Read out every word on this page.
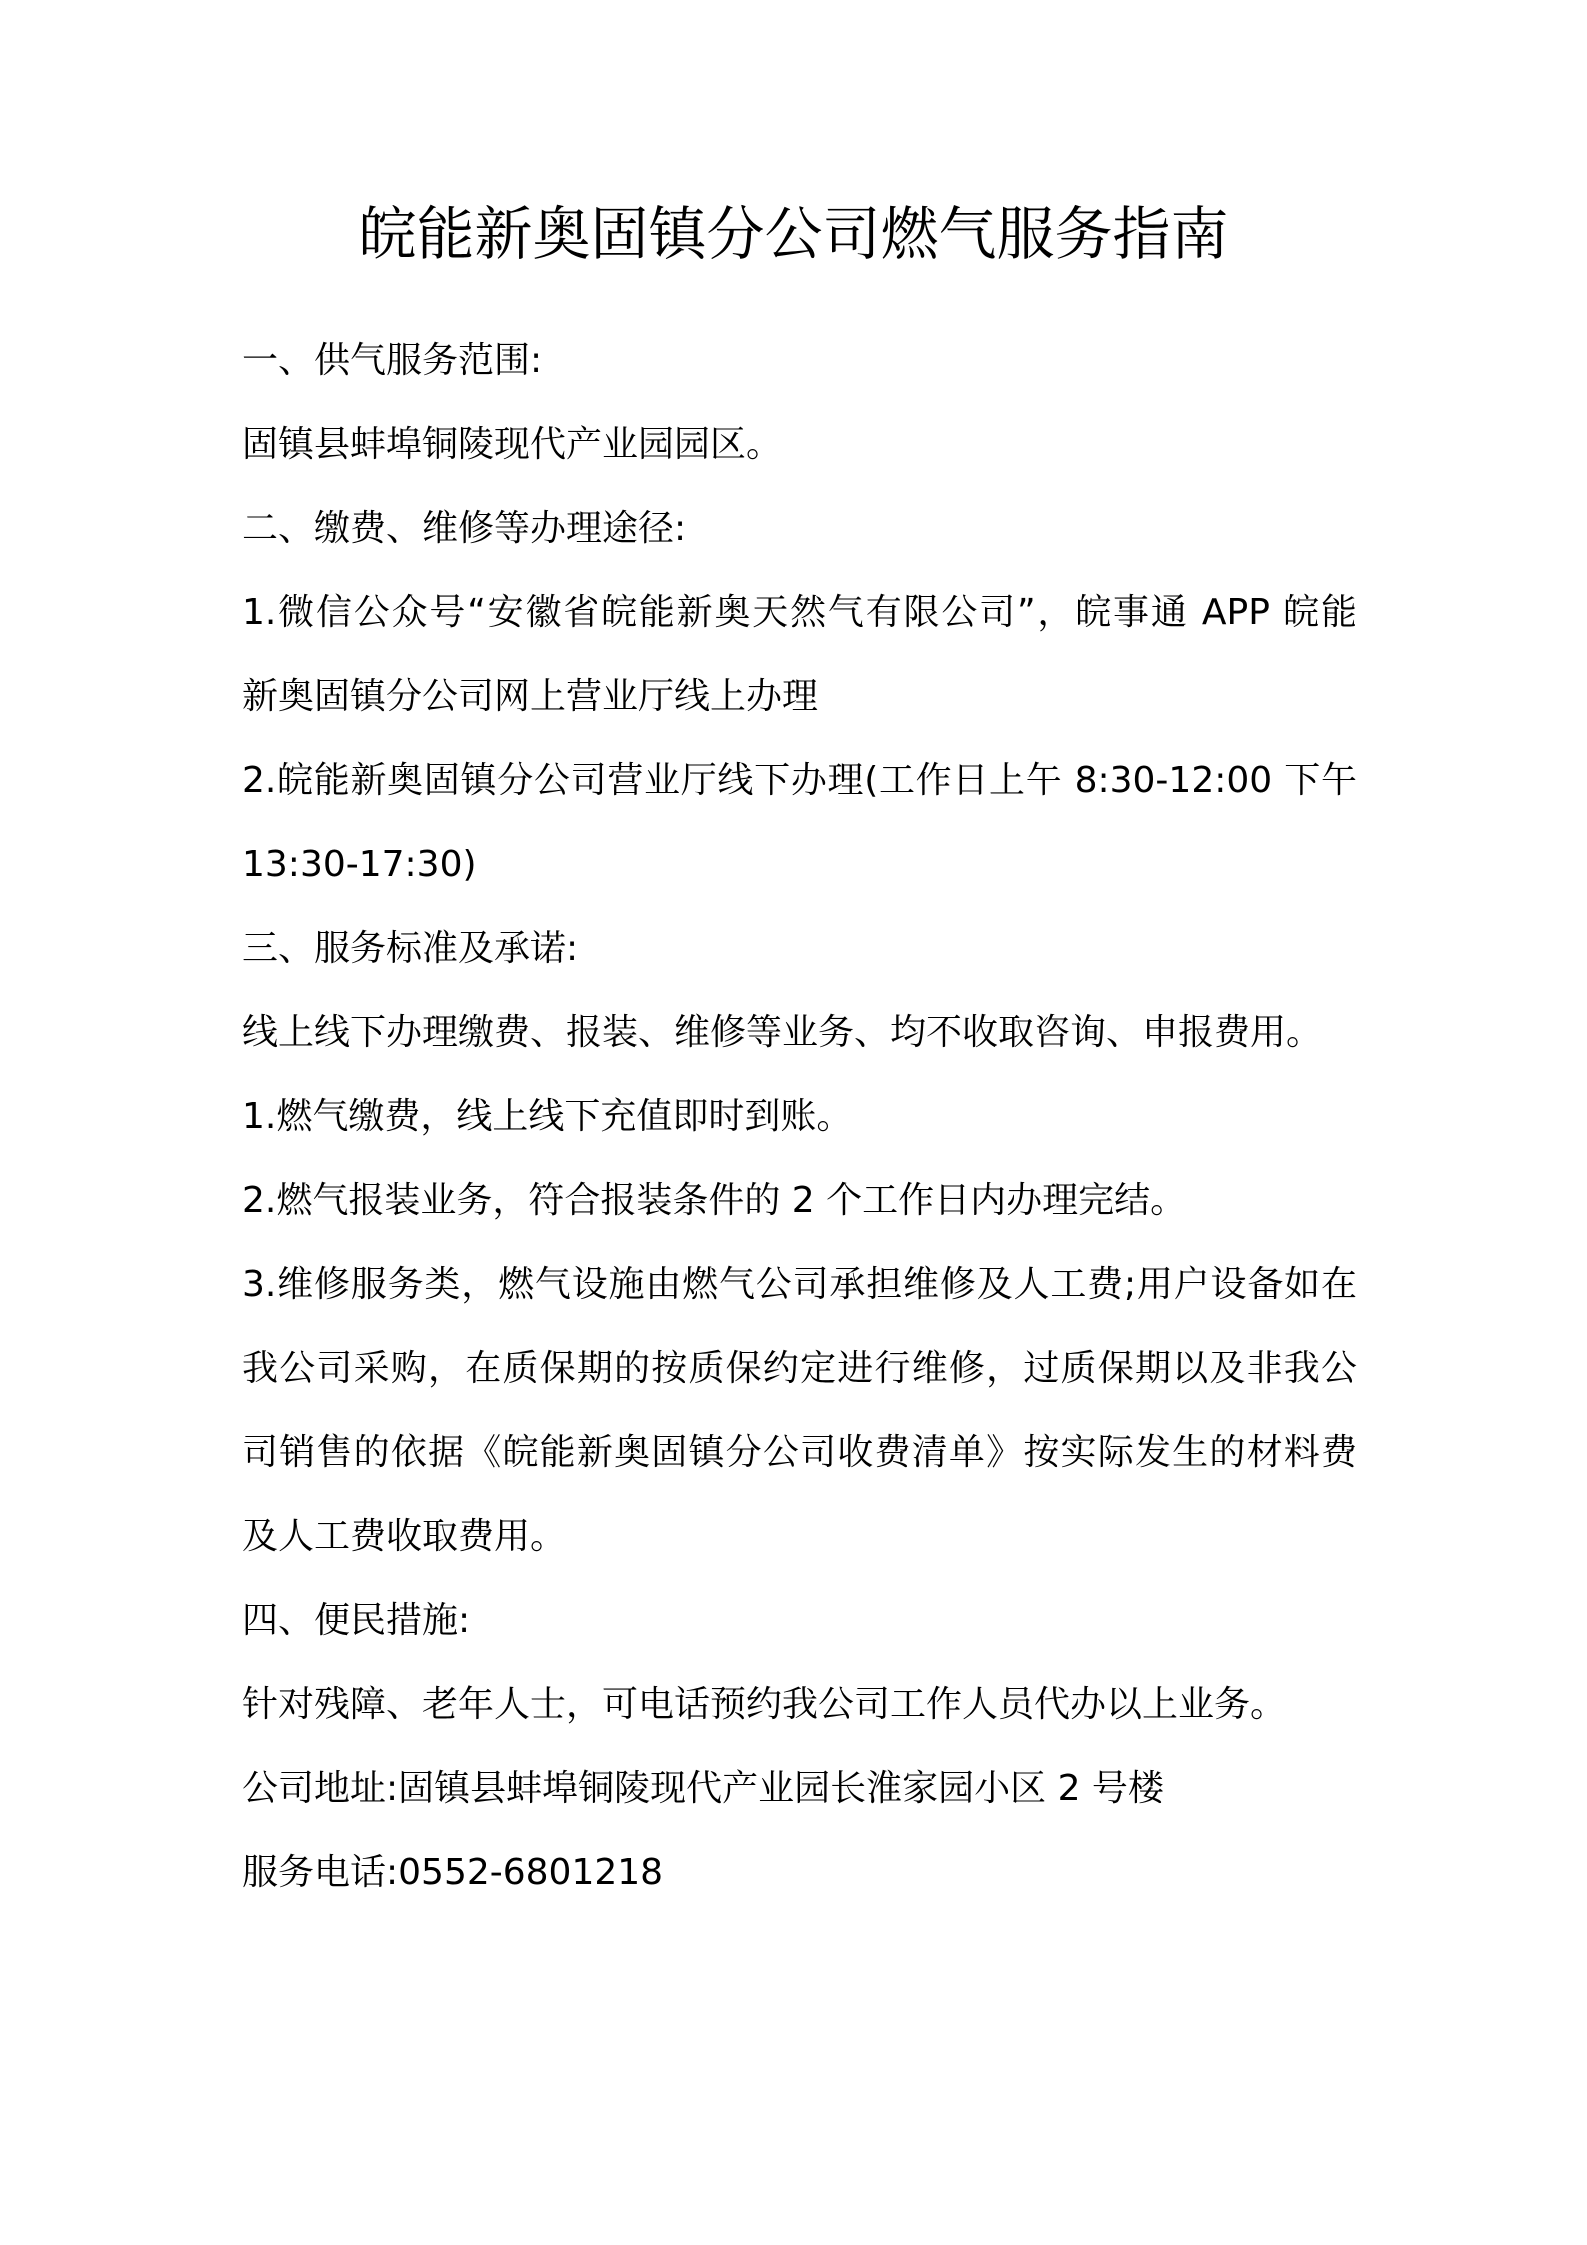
皖能新奥固镇分公司燃气服务指南
一、供气服务范围:
固镇县蚌埠铜陵现代产业园园区。
二、缴费、维修等办理途径:
1.微信公众号“安徽省皖能新奥天然气有限公司”，皖事通 APP 皖能
新奥固镇分公司网上营业厅线上办理
2.皖能新奥固镇分公司营业厅线下办理(工作日上午 8:30-12:00 下午
13:30-17:30)
三、服务标准及承诺:
线上线下办理缴费、报装、维修等业务、均不收取咨询、申报费用。
1.燃气缴费，线上线下充值即时到账。
2.燃气报装业务，符合报装条件的 2 个工作日内办理完结。
3.维修服务类，燃气设施由燃气公司承担维修及人工费;用户设备如在
我公司采购，在质保期的按质保约定进行维修，过质保期以及非我公
司销售的依据《皖能新奥固镇分公司收费清单》按实际发生的材料费
及人工费收取费用。
四、便民措施:
针对残障、老年人士，可电话预约我公司工作人员代办以上业务。
公司地址:固镇县蚌埠铜陵现代产业园长淮家园小区 2 号楼
服务电话:0552-6801218
